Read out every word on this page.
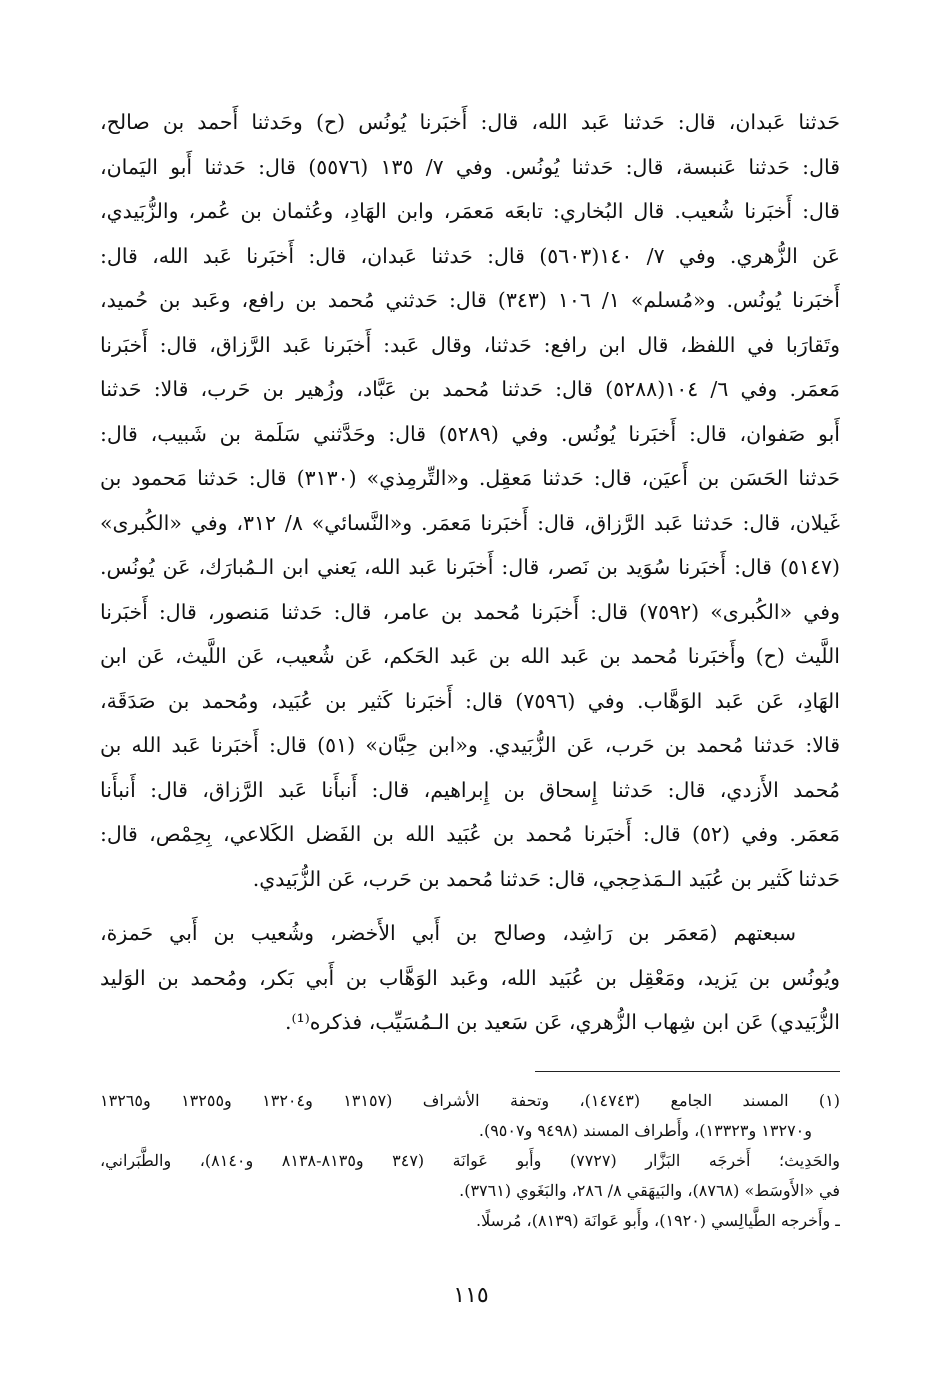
حَدثنا عَبدان، قال: حَدثنا عَبد الله، قال: أَخبَرنا يُونُس (ح) وحَدثنا أَحمد بن صالح،
قال: حَدثنا عَنبسة، قال: حَدثنا يُونُس. وفي ٧/ ١٣٥ (٥٥٧٦) قال: حَدثنا أَبو اليَمان،
قال: أَخبَرنا شُعيب. قال البُخاري: تابعَه مَعمَر، وابن الهَادِ، وعُثمان بن عُمر، والزُّبَيدي،
عَن الزُّهري. وفي ٧/ ١٤٠(٥٦٠٣) قال: حَدثنا عَبدان، قال: أَخبَرنا عَبد الله، قال:
أَخبَرنا يُونُس. و«مُسلم» ١/ ١٠٦ (٣٤٣) قال: حَدثني مُحمد بن رافع، وعَبد بن حُميد،
وتَقارَبا في اللفظ، قال ابن رافع: حَدثنا، وقال عَبد: أَخبَرنا عَبد الرَّزاق، قال: أَخبَرنا
مَعمَر. وفي ٦/ ١٠٤(٥٢٨٨) قال: حَدثنا مُحمد بن عَبَّاد، وزُهير بن حَرب، قالا: حَدثنا
أَبو صَفوان، قال: أَخبَرنا يُونُس. وفي (٥٢٨٩) قال: وحَدَّثني سَلَمة بن شَبيب، قال:
حَدثنا الحَسَن بن أَعيَن، قال: حَدثنا مَعقِل. و«التِّرمِذي» (٣١٣٠) قال: حَدثنا مَحمود بن
غَيلان، قال: حَدثنا عَبد الرَّزاق، قال: أَخبَرنا مَعمَر. و«النَّسائي» ٨/ ٣١٢، وفي «الكُبرى»
(٥١٤٧) قال: أَخبَرنا سُوَيد بن نَصر، قال: أَخبَرنا عَبد الله، يَعني ابن الـمُبارَك، عَن يُونُس.
وفي «الكُبرى» (٧٥٩٢) قال: أَخبَرنا مُحمد بن عامر، قال: حَدثنا مَنصور، قال: أَخبَرنا
اللَّيث (ح) وأَخبَرنا مُحمد بن عَبد الله بن عَبد الحَكم، عَن شُعيب، عَن اللَّيث، عَن ابن
الهَادِ، عَن عَبد الوَهَّاب. وفي (٧٥٩٦) قال: أَخبَرنا كَثير بن عُبَيد، ومُحمد بن صَدَقَة،
قالا: حَدثنا مُحمد بن حَرب، عَن الزُّبَيدي. و«ابن حِبَّان» (٥١) قال: أَخبَرنا عَبد الله بن
مُحمد الأَزدي، قال: حَدثنا إِسحاق بن إِبراهيم، قال: أَنبأَنا عَبد الرَّزاق، قال: أَنبأَنا
مَعمَر. وفي (٥٢) قال: أَخبَرنا مُحمد بن عُبَيد الله بن الفَضل الكَلاعي، بِحِمْص، قال:
حَدثنا كَثير بن عُبَيد الـمَذحِجي، قال: حَدثنا مُحمد بن حَرب، عَن الزُّبَيدي.
سبعتهم (مَعمَر بن رَاشِد، وصالح بن أَبي الأَخضر، وشُعيب بن أَبي حَمزة،
ويُونُس بن يَزيد، ومَعْقِل بن عُبَيد الله، وعَبد الوَهَّاب بن أَبي بَكر، ومُحمد بن الوَليد
الزُّبَيدي) عَن ابن شِهاب الزُّهري، عَن سَعيد بن الـمُسَيِّب، فذكره⁽¹⁾.
(١) المسند الجامع (١٤٧٤٣)، وتحفة الأشراف (١٣١٥٧ و١٣٢٠٤ و١٣٢٥٥ و١٣٢٦٥
و١٣٢٧٠ و١٣٣٢٣)، وأَطراف المسند (٩٤٩٨ و٩٥٠٧).
والحَدِيث؛ أَخرجَه البَزَّار (٧٧٢٧) وأَبو عَوانَة (٣٤٧ و٨١٣٥-٨١٣٨ و٨١٤٠)، والطَّبَراني،
في «الأَوسَط» (٨٧٦٨)، والبَيهَقي ٨/ ٢٨٦، والبَغَوي (٣٧٦١).
ـ وأَخرجه الطَّيالِسي (١٩٢٠)، وأَبو عَوانَة (٨١٣٩)، مُرسلًا.
١١٥
